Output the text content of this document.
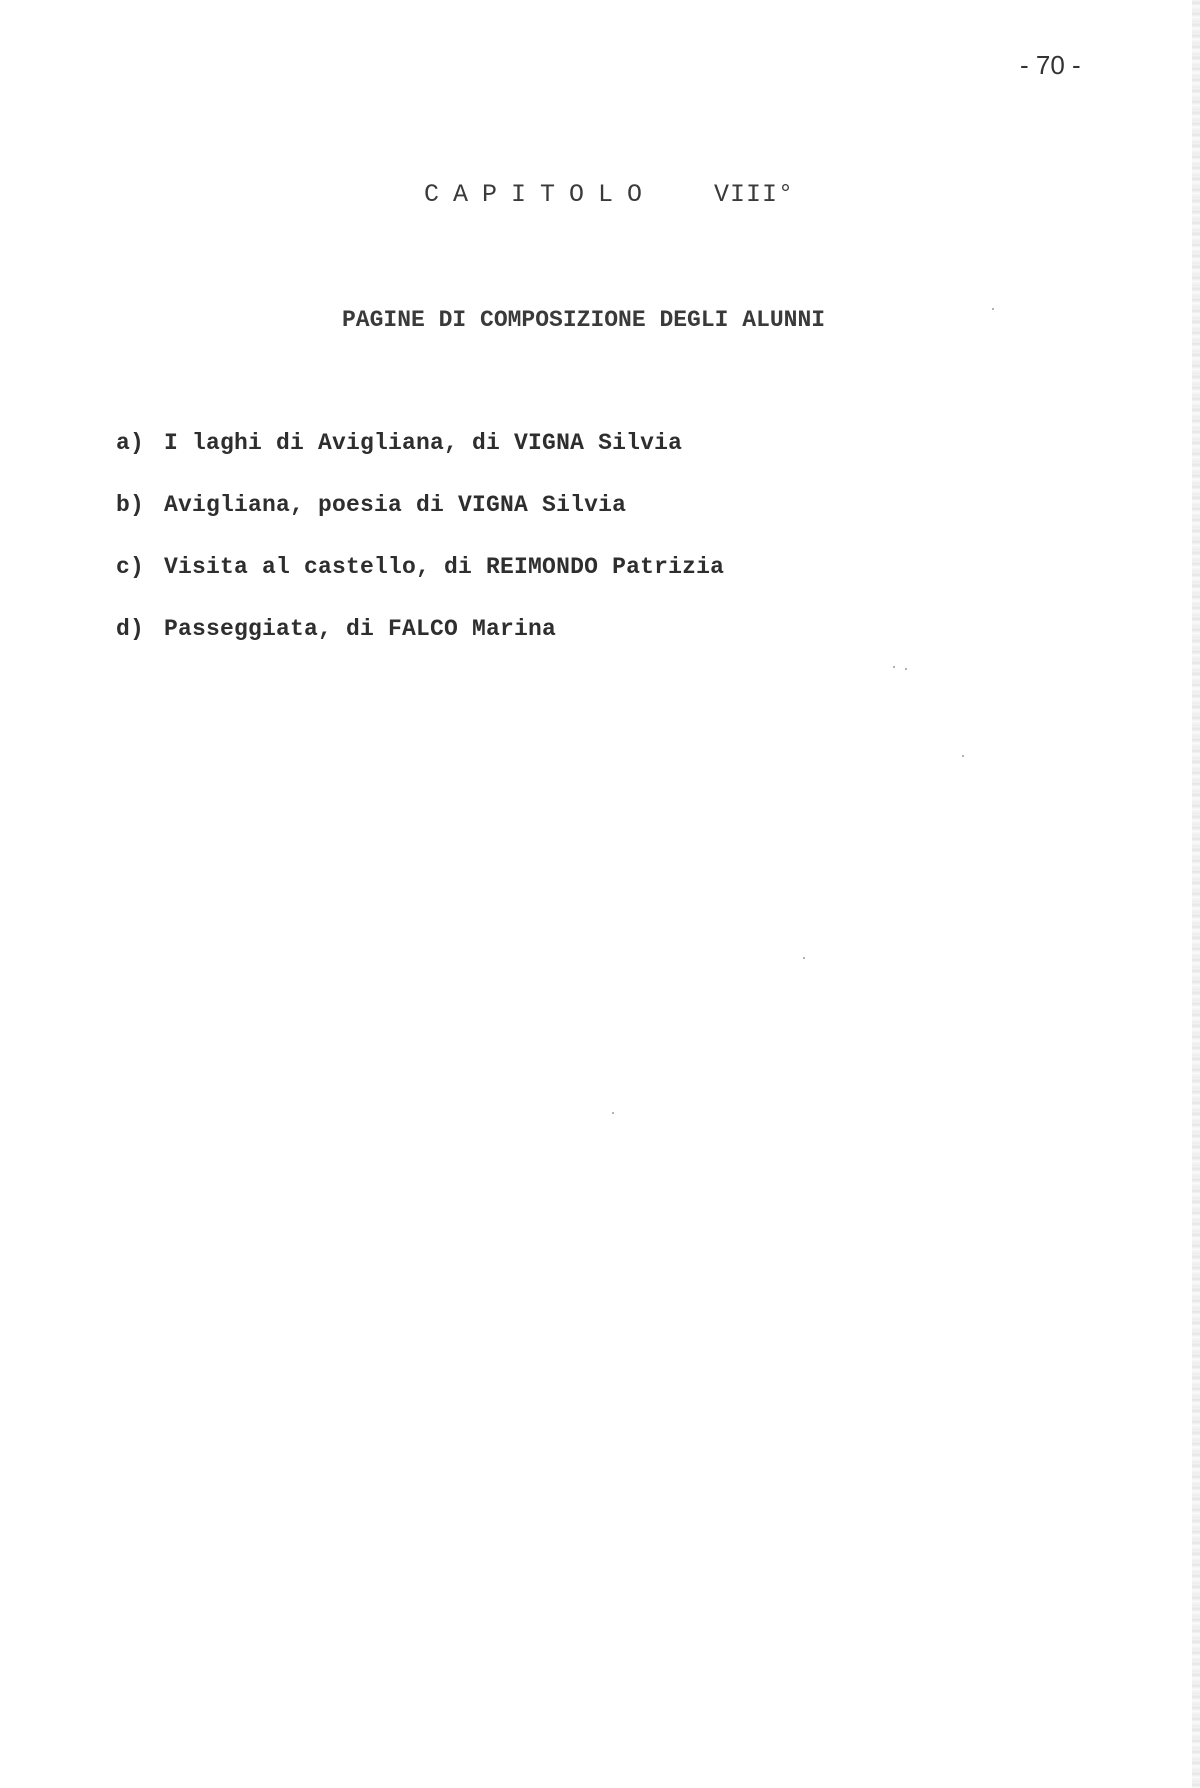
- 70 -
CAPITOLO VIII°
PAGINE DI COMPOSIZIONE DEGLI ALUNNI
a) I laghi di Avigliana, di VIGNA Silvia
b) Avigliana, poesia di VIGNA Silvia
c) Visita al castello, di REIMONDO Patrizia
d) Passeggiata, di FALCO Marina
